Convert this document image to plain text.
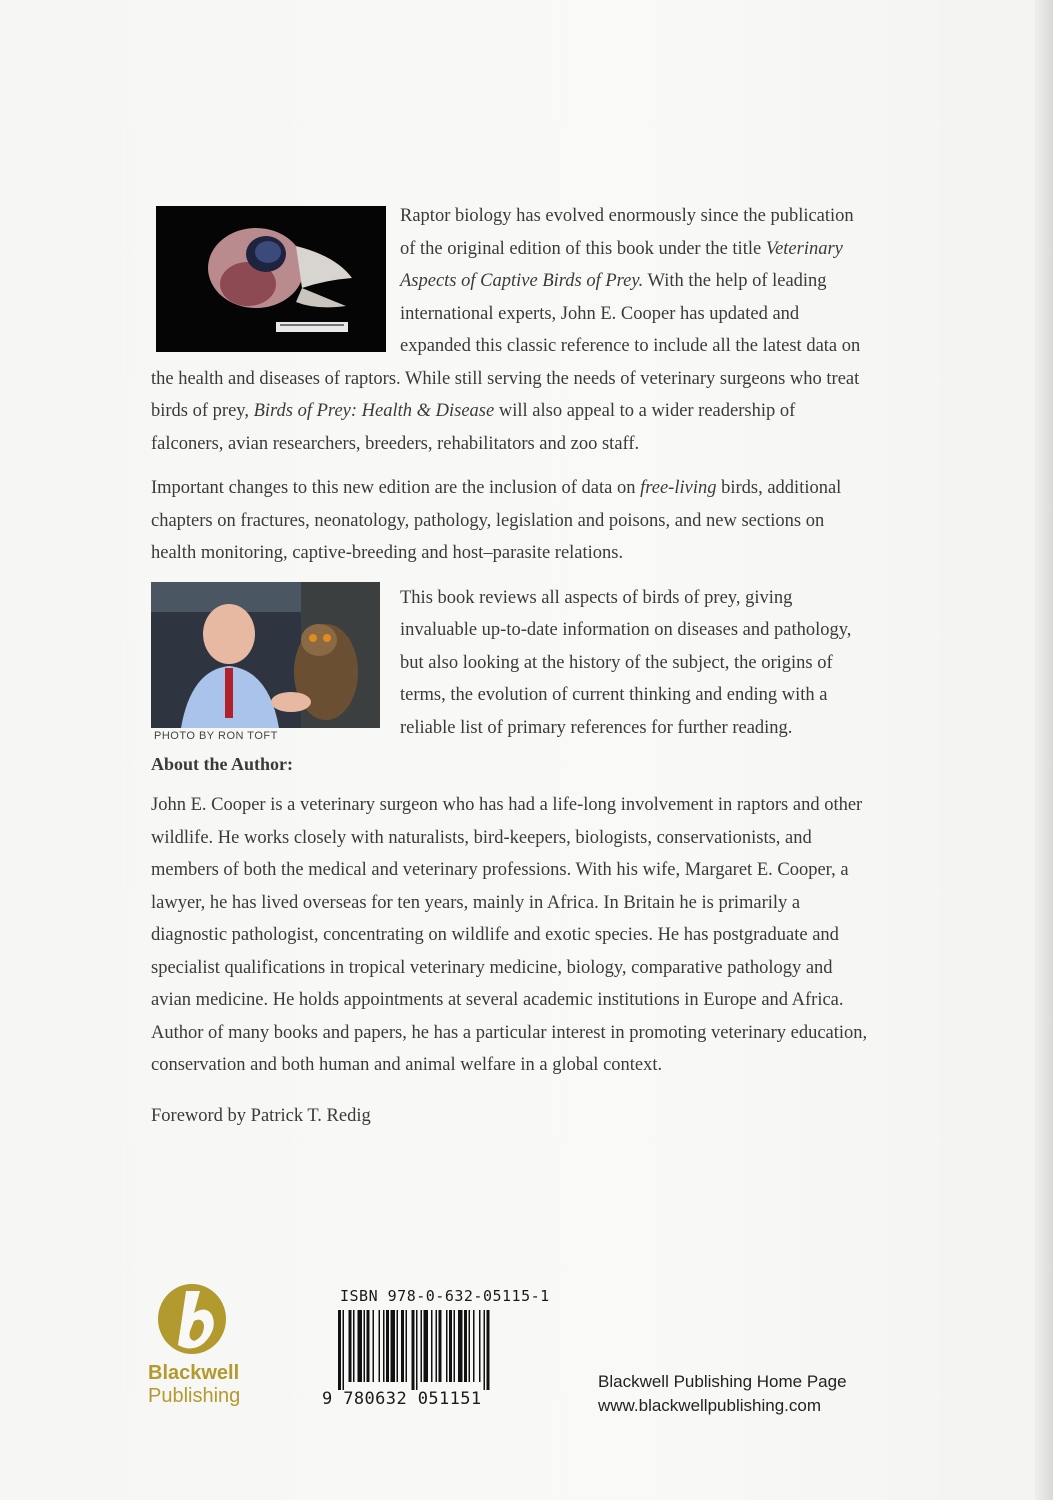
Raptor biology has evolved enormously since the publication of the original edition of this book under the title Veterinary Aspects of Captive Birds of Prey. With the help of leading international experts, John E. Cooper has updated and expanded this classic reference to include all the latest data on the health and diseases of raptors. While still serving the needs of veterinary surgeons who treat birds of prey, Birds of Prey: Health & Disease will also appeal to a wider readership of falconers, avian researchers, breeders, rehabilitators and zoo staff.

Important changes to this new edition are the inclusion of data on free-living birds, additional chapters on fractures, neonatology, pathology, legislation and poisons, and new sections on health monitoring, captive-breeding and host–parasite relations.

PHOTO BY RON TOFT

This book reviews all aspects of birds of prey, giving invaluable up-to-date information on diseases and pathology, but also looking at the history of the subject, the origins of terms, the evolution of current thinking and ending with a reliable list of primary references for further reading.

About the Author:

John E. Cooper is a veterinary surgeon who has had a life-long involvement in raptors and other wildlife. He works closely with naturalists, bird-keepers, biologists, conservationists, and members of both the medical and veterinary professions. With his wife, Margaret E. Cooper, a lawyer, he has lived overseas for ten years, mainly in Africa. In Britain he is primarily a diagnostic pathologist, concentrating on wildlife and exotic species. He has postgraduate and specialist qualifications in tropical veterinary medicine, biology, comparative pathology and avian medicine. He holds appointments at several academic institutions in Europe and Africa. Author of many books and papers, he has a particular interest in promoting veterinary education, conservation and both human and animal welfare in a global context.

Foreword by Patrick T. Redig

Blackwell
Publishing
ISBN 978-0-632-05115-1
9 780632 051151
Blackwell Publishing Home Page
www.blackwellpublishing.com
